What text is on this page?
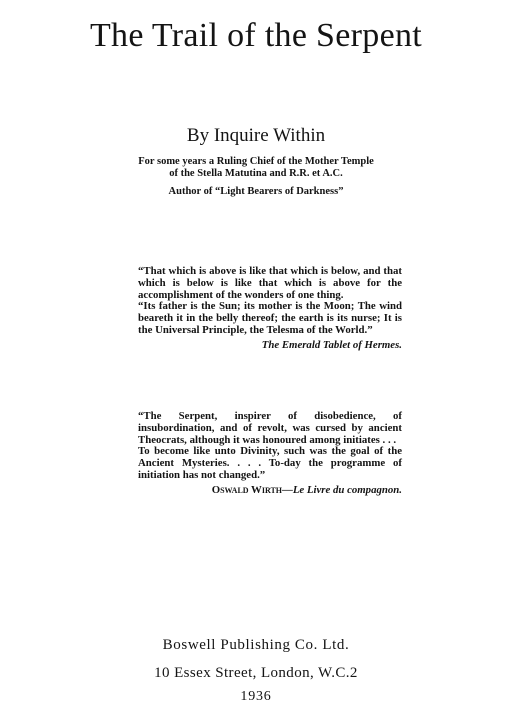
The Trail of the Serpent
By Inquire Within
For some years a Ruling Chief of the Mother Temple
of the Stella Matutina and R.R. et A.C.
Author of “Light Bearers of Darkness”

“That which is above is like that which is below, and that which is below is like that which is above for the accomplishment of the wonders of one thing.

“Its father is the Sun; its mother is the Moon; The wind beareth it in the belly thereof; the earth is its nurse; It is the Universal Principle, the Telesma of the World.”

The Emerald Tablet of Hermes.

“The Serpent, inspirer of disobedience, of insubordination, and of revolt, was cursed by ancient Theocrats, although it was honoured among initiates . . .

To become like unto Divinity, such was the goal of the Ancient Mysteries. . . . To-day the programme of initiation has not changed.”

Oswald Wirth—Le Livre du compagnon.

Boswell Publishing Co. Ltd.
10 Essex Street, London, W.C.2
1936
